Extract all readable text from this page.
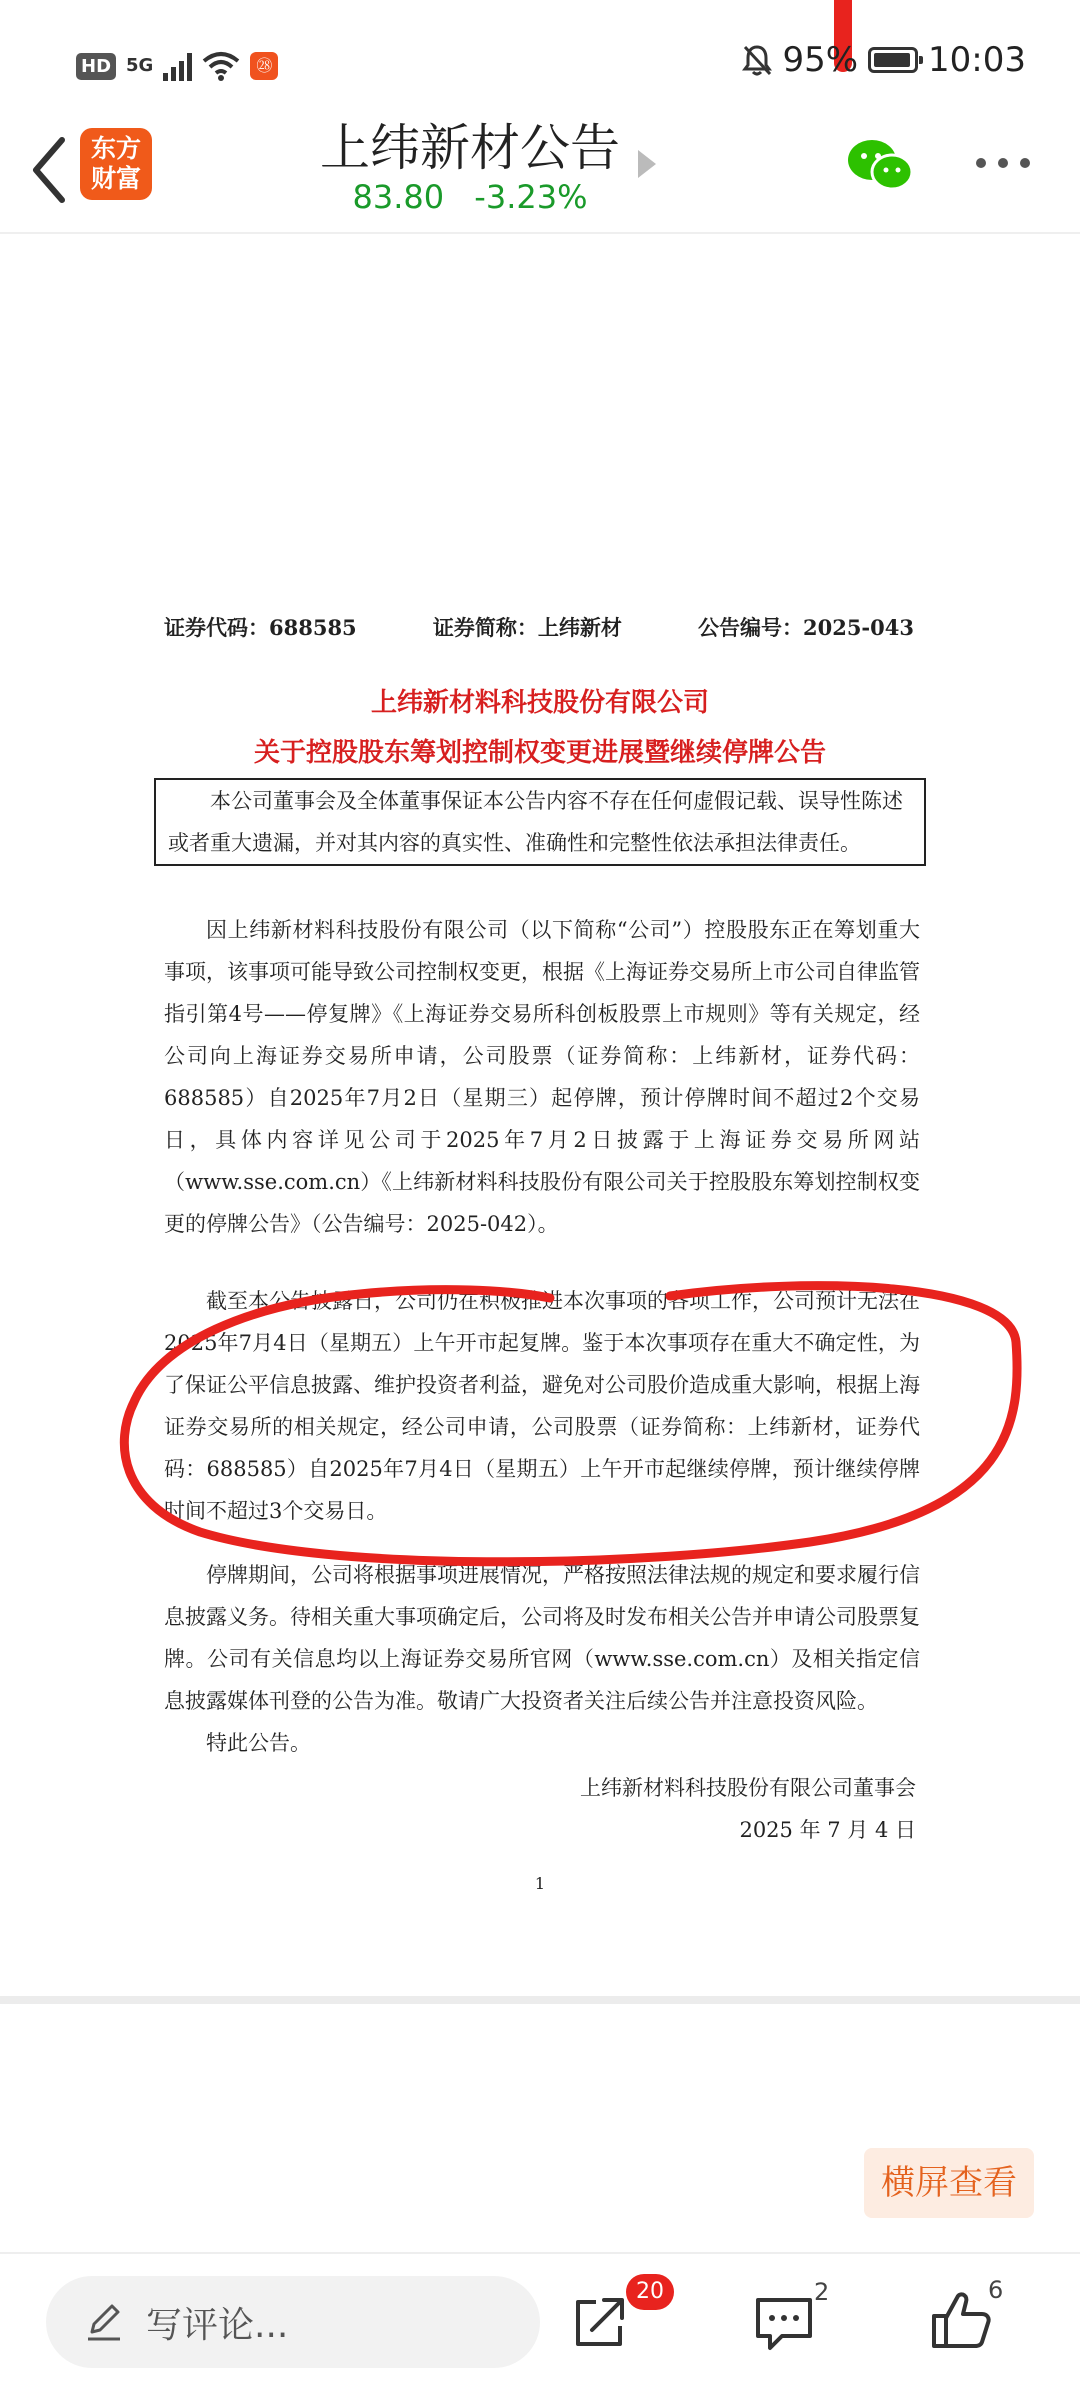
HD 5G	㉘	95% 10:03
东方
财富
上纬新材公告
83.80 -3.23%
证券代码：688585	证券简称：上纬新材	公告编号：2025-043
上纬新材料科技股份有限公司
关于控股股东筹划控制权变更进展暨继续停牌公告
本公司董事会及全体董事保证本公告内容不存在任何虚假记载、误导性陈述或者重大遗漏，并对其内容的真实性、准确性和完整性依法承担法律责任。
因上纬新材料科技股份有限公司（以下简称“公司”）控股股东正在筹划重大事项，该事项可能导致公司控制权变更，根据《上海证券交易所上市公司自律监管指引第4号——停复牌》《上海证券交易所科创板股票上市规则》等有关规定，经公司向上海证券交易所申请，公司股票（证券简称：上纬新材，证券代码：688585）自2025年7月2日（星期三）起停牌，预计停牌时间不超过2个交易日，具体内容详见公司于2025年7月2日披露于上海证券交易所网站（www.sse.com.cn）《上纬新材料科技股份有限公司关于控股股东筹划控制权变更的停牌公告》（公告编号：2025-042）。
截至本公告披露日，公司仍在积极推进本次事项的各项工作，公司预计无法在2025年7月4日（星期五）上午开市起复牌。鉴于本次事项存在重大不确定性，为了保证公平信息披露、维护投资者利益，避免对公司股价造成重大影响，根据上海证券交易所的相关规定，经公司申请，公司股票（证券简称：上纬新材，证券代码：688585）自2025年7月4日（星期五）上午开市起继续停牌，预计继续停牌时间不超过3个交易日。
停牌期间，公司将根据事项进展情况，严格按照法律法规的规定和要求履行信息披露义务。待相关重大事项确定后，公司将及时发布相关公告并申请公司股票复牌。公司有关信息均以上海证券交易所官网（www.sse.com.cn）及相关指定信息披露媒体刊登的公告为准。敬请广大投资者关注后续公告并注意投资风险。
特此公告。
上纬新材料科技股份有限公司董事会
2025 年 7 月 4 日
1
横屏查看
写评论...
20	2	6
